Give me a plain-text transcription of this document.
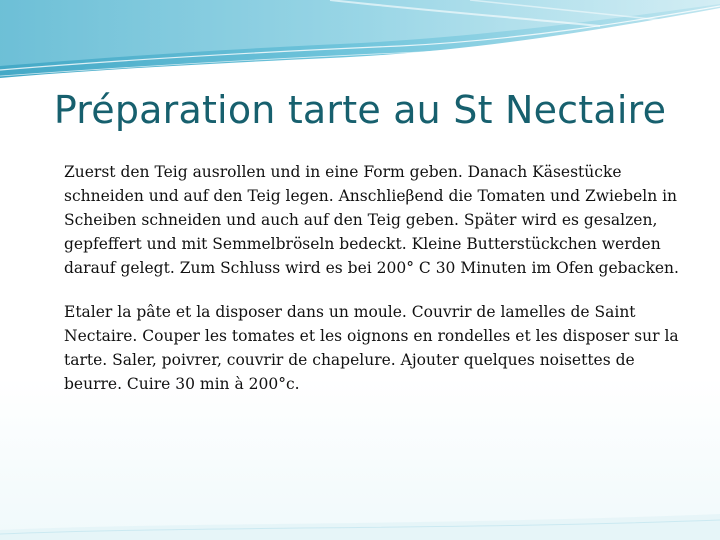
Préparation tarte au St Nectaire

Zuerst den Teig ausrollen und in eine Form geben. Danach Käsestücke schneiden und auf den Teig legen. Anschlieβend die Tomaten und Zwiebeln in Scheiben schneiden und auch auf den Teig geben. Später wird es gesalzen, gepfeffert und mit Semmelbröseln bedeckt. Kleine Butterstückchen werden darauf gelegt. Zum Schluss wird es bei 200° C 30 Minuten im Ofen gebacken.

Etaler la pâte et la disposer dans un moule. Couvrir de lamelles de Saint Nectaire. Couper les tomates et les oignons en rondelles et les disposer sur la tarte. Saler, poivrer, couvrir de chapelure. Ajouter quelques noisettes de beurre. Cuire 30 min à 200°c.
